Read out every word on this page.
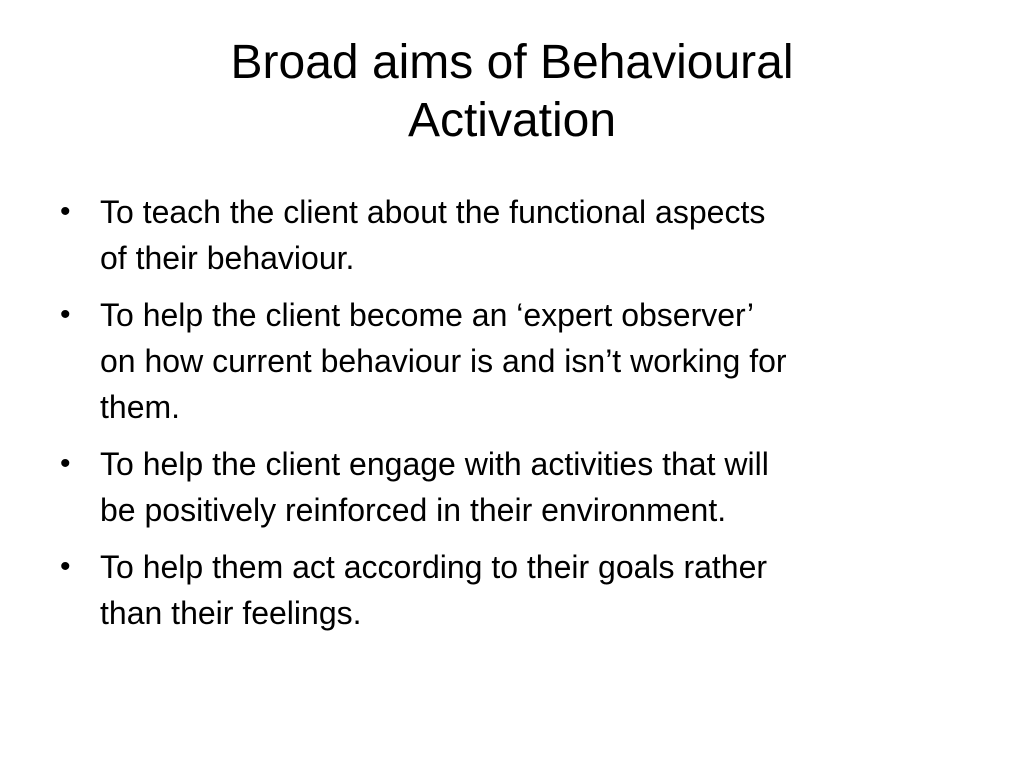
Broad aims of Behavioural
Activation
• To teach the client about the functional aspects
of their behaviour.
• To help the client become an ‘expert observer’
on how current behaviour is and isn’t working for
them.
• To help the client engage with activities that will
be positively reinforced in their environment.
• To help them act according to their goals rather
than their feelings.
